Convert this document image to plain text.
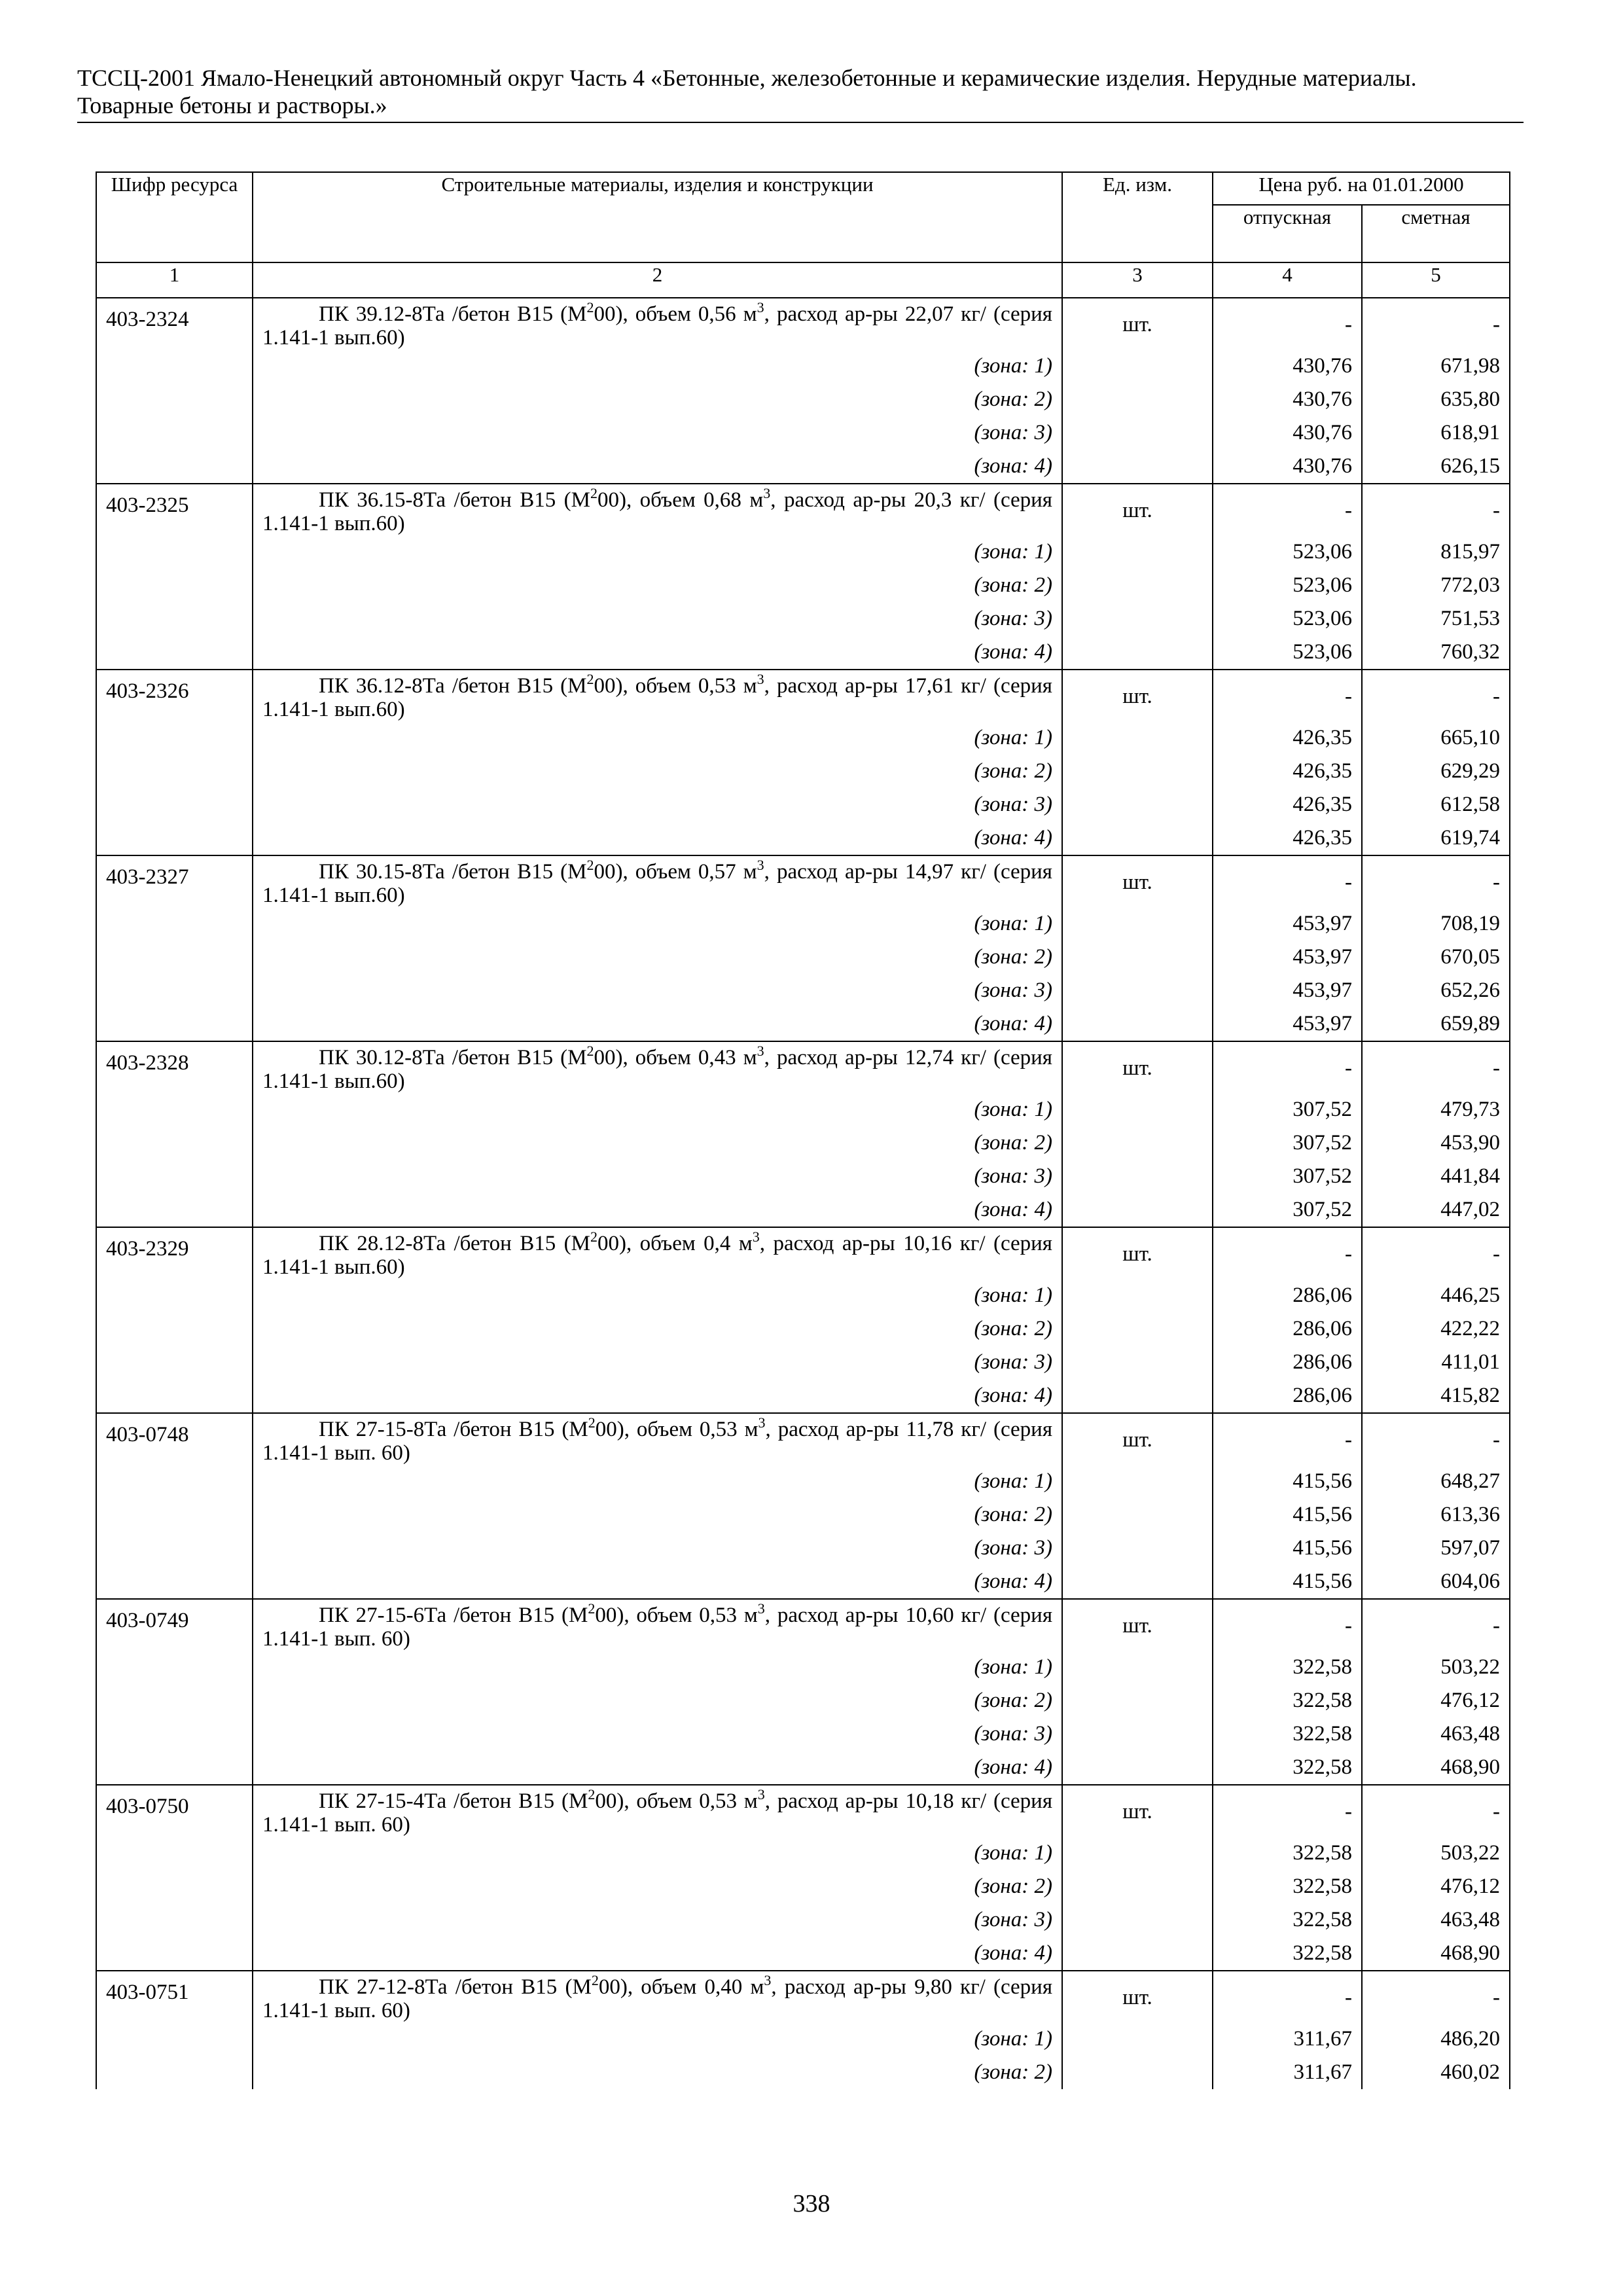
ТССЦ-2001 Ямало-Ненецкий автономный округ Часть 4 «Бетонные, железобетонные и керамические изделия. Нерудные материалы.
Товарные бетоны и растворы.»
Шифр ресурса	Строительные материалы, изделия и конструкции	Ед. изм.	Цена руб. на 01.01.2000	
			отпускная	сметная
1	2	3	4	5
403-2324	ПК 39.12-8Та /бетон В15 $(М^200)$, объем 0,56 $м^3$, расход ар-ры 22,07 кг/ (серия 1.141-1 вып.60)	шт.	-	-
	(зона: 1)		430,76	671,98
	(зона: 2)		430,76	635,80
	(зона: 3)		430,76	618,91
	(зона: 4)		430,76	626,15
403-2325	ПК 36.15-8Та /бетон В15 $(М^200)$, объем 0,68 $м^3$, расход ар-ры 20,3 кг/ (серия 1.141-1 вып.60)	шт.	-	-
	(зона: 1)		523,06	815,97
	(зона: 2)		523,06	772,03
	(зона: 3)		523,06	751,53
	(зона: 4)		523,06	760,32
403-2326	ПК 36.12-8Та /бетон В15 $(М^200)$, объем 0,53 $м^3$, расход ар-ры 17,61 кг/ (серия 1.141-1 вып.60)	шт.	-	-
	(зона: 1)		426,35	665,10
	(зона: 2)		426,35	629,29
	(зона: 3)		426,35	612,58
	(зона: 4)		426,35	619,74
403-2327	ПК 30.15-8Та /бетон В15 $(М^200)$, объем 0,57 $м^3$, расход ар-ры 14,97 кг/ (серия 1.141-1 вып.60)	шт.	-	-
	(зона: 1)		453,97	708,19
	(зона: 2)		453,97	670,05
	(зона: 3)		453,97	652,26
	(зона: 4)		453,97	659,89
403-2328	ПК 30.12-8Та /бетон В15 $(М^200)$, объем 0,43 $м^3$, расход ар-ры 12,74 кг/ (серия 1.141-1 вып.60)	шт.	-	-
	(зона: 1)		307,52	479,73
	(зона: 2)		307,52	453,90
	(зона: 3)		307,52	441,84
	(зона: 4)		307,52	447,02
403-2329	ПК 28.12-8Та /бетон В15 $(М^200)$, объем 0,4 $м^3$, расход ар-ры 10,16 кг/ (серия 1.141-1 вып.60)	шт.	-	-
	(зона: 1)		286,06	446,25
	(зона: 2)		286,06	422,22
	(зона: 3)		286,06	411,01
	(зона: 4)		286,06	415,82
403-0748	ПК 27-15-8Та /бетон В15 $(М^200)$, объем 0,53 $м^3$, расход ар-ры 11,78 кг/ (серия 1.141-1 вып. 60)	шт.	-	-
	(зона: 1)		415,56	648,27
	(зона: 2)		415,56	613,36
	(зона: 3)		415,56	597,07
	(зона: 4)		415,56	604,06
403-0749	ПК 27-15-6Та /бетон В15 $(М^200)$, объем 0,53 $м^3$, расход ар-ры 10,60 кг/ (серия 1.141-1 вып. 60)	шт.	-	-
	(зона: 1)		322,58	503,22
	(зона: 2)		322,58	476,12
	(зона: 3)		322,58	463,48
	(зона: 4)		322,58	468,90
403-0750	ПК 27-15-4Та /бетон В15 $(М^200)$, объем 0,53 $м^3$, расход ар-ры 10,18 кг/ (серия 1.141-1 вып. 60)	шт.	-	-
	(зона: 1)		322,58	503,22
	(зона: 2)		322,58	476,12
	(зона: 3)		322,58	463,48
	(зона: 4)		322,58	468,90
403-0751	ПК 27-12-8Та /бетон В15 $(М^200)$, объем 0,40 $м^3$, расход ар-ры 9,80 кг/ (серия 1.141-1 вып. 60)	шт.	-	-
	(зона: 1)		311,67	486,20
	(зона: 2)		311,67	460,02
338
